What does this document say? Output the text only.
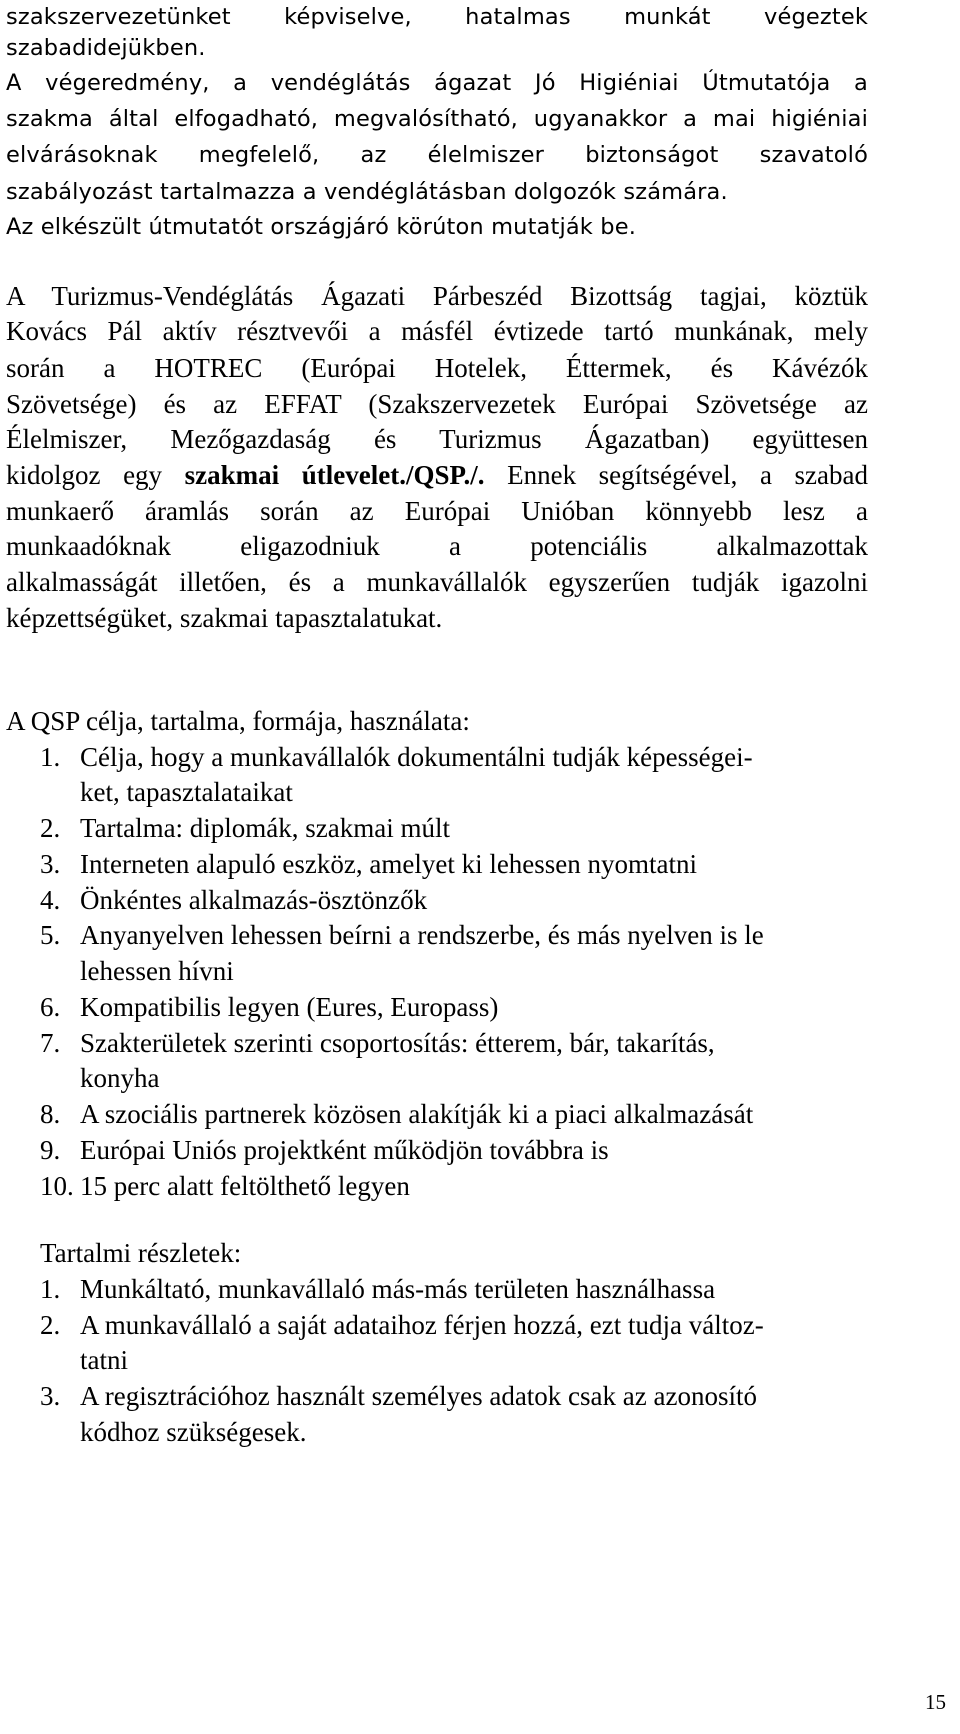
szakszervezetünket képviselve, hatalmas munkát végeztek
szabadidejükben.
A végeredmény, a vendéglátás ágazat Jó Higiéniai Útmutatója a
szakma által elfogadható, megvalósítható, ugyanakkor a mai higiéniai
elvárásoknak megfelelő, az élelmiszer biztonságot szavatoló
szabályozást tartalmazza a vendéglátásban dolgozók számára.
Az elkészült útmutatót országjáró körúton mutatják be.
A Turizmus-Vendéglátás Ágazati Párbeszéd Bizottság tagjai, köztük
Kovács Pál aktív résztvevői a másfél évtizede tartó munkának, mely
során a HOTREC (Európai Hotelek, Éttermek, és Kávézók
Szövetsége) és az EFFAT (Szakszervezetek Európai Szövetsége az
Élelmiszer, Mezőgazdaság és Turizmus Ágazatban) együttesen
kidolgoz egy szakmai útlevelet./QSP./. Ennek segítségével, a szabad
munkaerő áramlás során az Európai Unióban könnyebb lesz a
munkaadóknak eligazodniuk a potenciális alkalmazottak
alkalmasságát illetően, és a munkavállalók egyszerűen tudják igazolni
képzettségüket, szakmai tapasztalatukat.
A QSP célja, tartalma, formája, használata:
1. Célja, hogy a munkavállalók dokumentálni tudják képességei-
ket, tapasztalataikat
2. Tartalma: diplomák, szakmai múlt
3. Interneten alapuló eszköz, amelyet ki lehessen nyomtatni
4. Önkéntes alkalmazás-ösztönzők
5. Anyanyelven lehessen beírni a rendszerbe, és más nyelven is le
lehessen hívni
6. Kompatibilis legyen (Eures, Europass)
7. Szakterületek szerinti csoportosítás: étterem, bár, takarítás,
konyha
8. A szociális partnerek közösen alakítják ki a piaci alkalmazását
9. Európai Uniós projektként működjön továbbra is
10. 15 perc alatt feltölthető legyen
Tartalmi részletek:
1. Munkáltató, munkavállaló más-más területen használhassa
2. A munkavállaló a saját adataihoz férjen hozzá, ezt tudja változ-
tatni
3. A regisztrációhoz használt személyes adatok csak az azonosító
kódhoz szükségesek.
15
